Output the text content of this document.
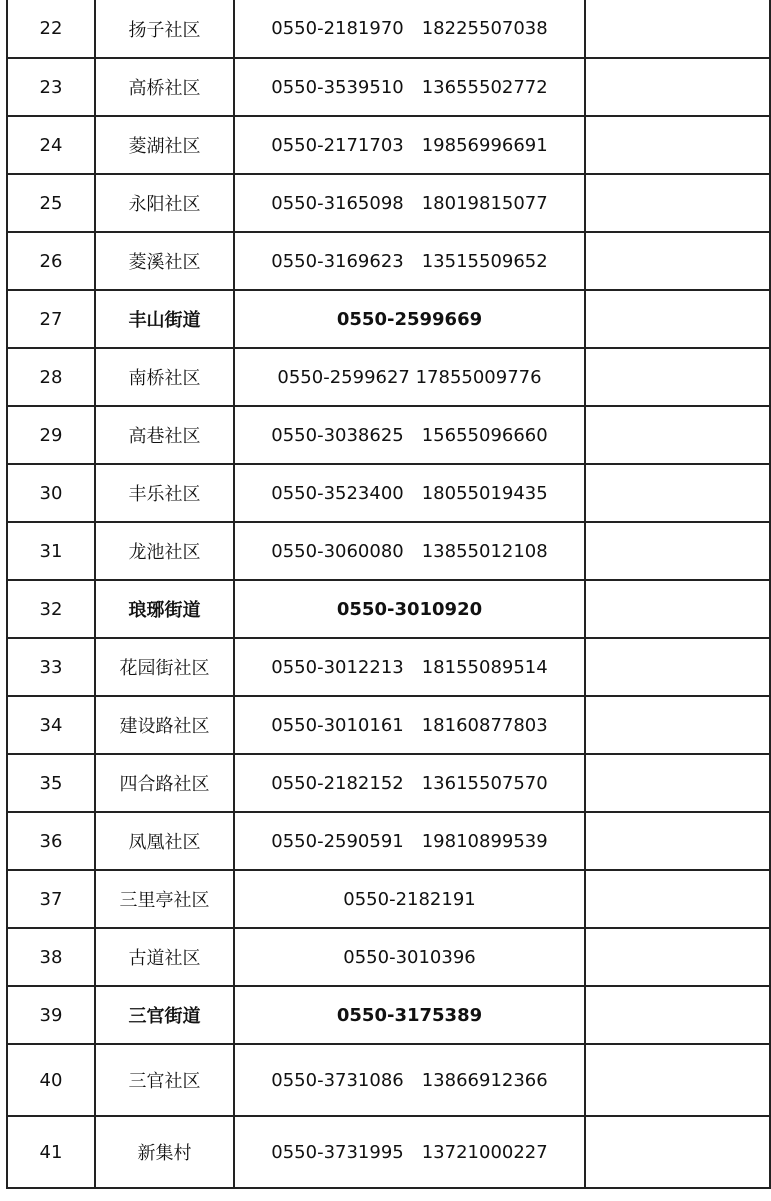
22	扬子社区	0550-2181970 18225507038	
23	高桥社区	0550-3539510 13655502772	
24	菱湖社区	0550-2171703 19856996691	
25	永阳社区	0550-3165098 18019815077	
26	菱溪社区	0550-3169623 13515509652	
27	丰山街道	0550-2599669	
28	南桥社区	0550-2599627 17855009776	
29	高巷社区	0550-3038625 15655096660	
30	丰乐社区	0550-3523400 18055019435	
31	龙池社区	0550-3060080 13855012108	
32	琅琊街道	0550-3010920	
33	花园街社区	0550-3012213 18155089514	
34	建设路社区	0550-3010161 18160877803	
35	四合路社区	0550-2182152 13615507570	
36	凤凰社区	0550-2590591 19810899539	
37	三里亭社区	0550-2182191	
38	古道社区	0550-3010396	
39	三官街道	0550-3175389	
40	三官社区	0550-3731086 13866912366	
41	新集村	0550-3731995 13721000227	
